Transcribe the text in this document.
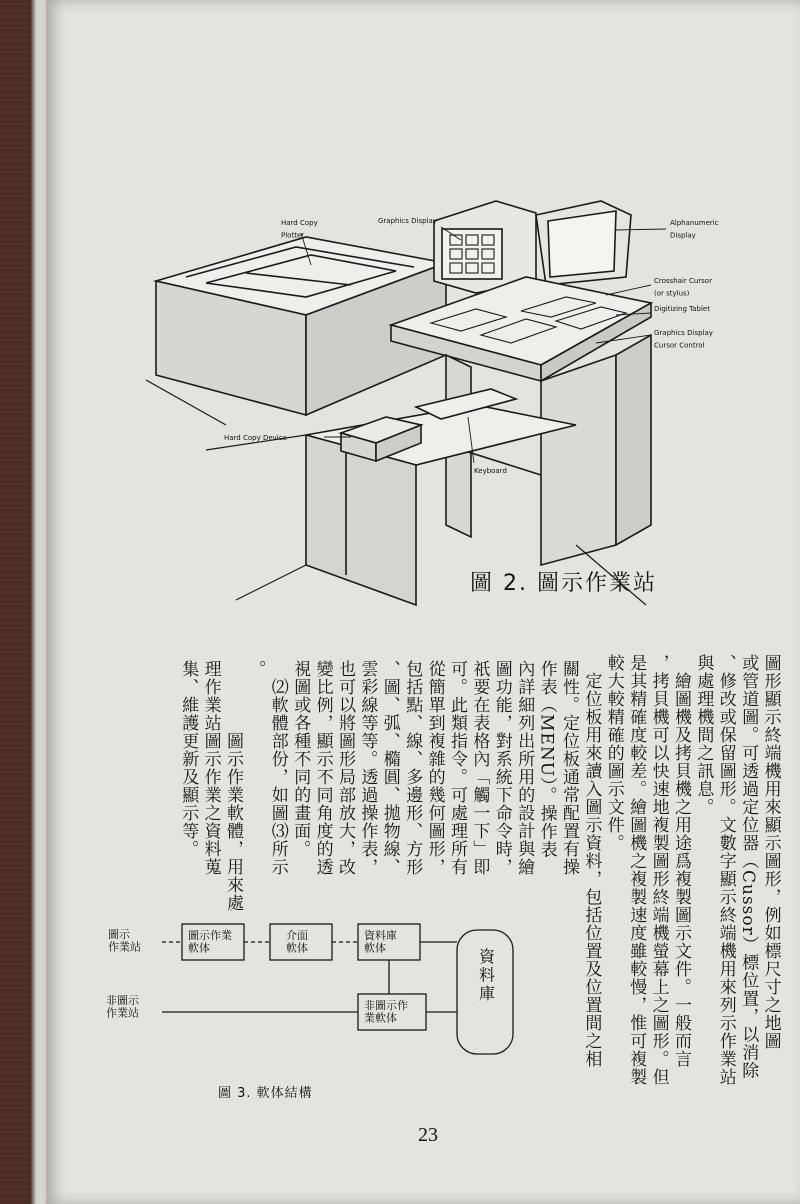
Hard Copy Plotter
Graphics Display	Alphanumeric Display
Crosshair Cursor (or stylus)
Digitizing Tablet
Graphics Display Cursor Control
Hard Copy Device
Keyboard
圖 2. 圖示作業站
圖形顯示終端機用來顯示圖形，例如標尺寸之地圖
或管道圖。可透過定位器（Cussor）標位置，以消除
、修改或保留圖形。文數字顯示終端機用來列示作業站
與處理機間之訊息。
　繪圖機及拷貝機之用途爲複製圖示文件。一般而言
，拷貝機可以快速地複製圖形終端機螢幕上之圖形。但
是其精確度較差。繪圖機之複製速度雖較慢，惟可複製
較大較精確的圖示文件。
　定位板用來讀入圖示資料，包括位置及位置間之相
關性。定位板通常配置有操
作表（MENU）。操作表
內詳細列出所用的設計與繪
圖功能，對系統下命令時，
祇要在表格內「觸一下」即
可。此類指令。可處理所有
從簡單到複雜的幾何圖形，
包括點、線、多邊形、方形
、圖、弧、橢圓、拋物線、
雲彩線等等。透過操作表，
也可以將圖形局部放大，改
變比例，顯示不同角度的透
視圖或各種不同的畫面。
　⑵軟體部份，如圖⑶所示
。
　　　　圖示作業軟體，用來處
理作業站圖示作業之資料蒐
集、維護更新及顯示等。
圖示作業站
圖示作業軟体
介面軟体
資料庫軟体
非圖示作業站
非圖示作業軟体
資料庫
圖 3. 軟体結構
23
